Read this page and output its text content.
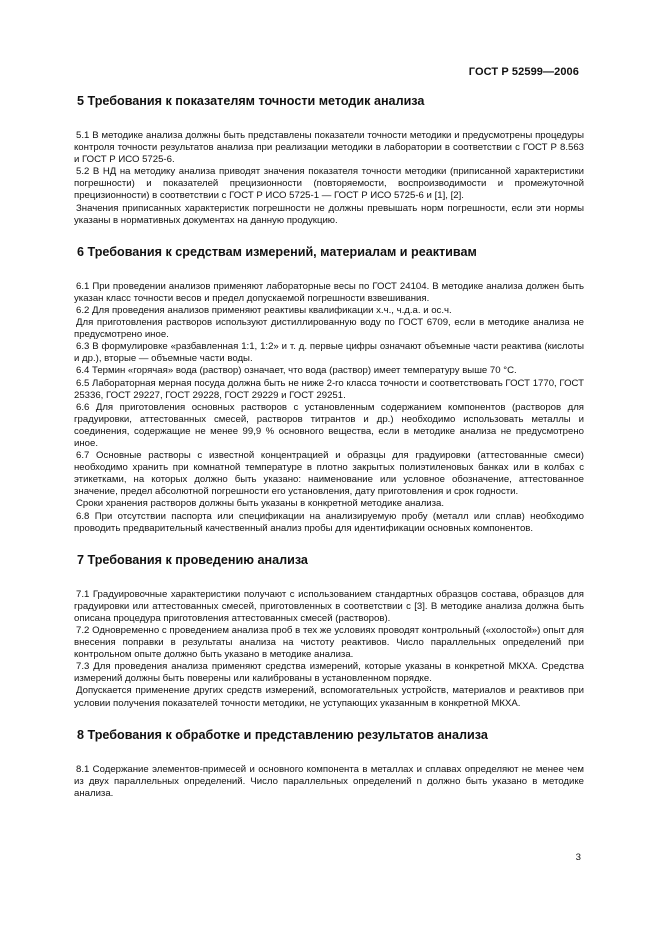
ГОСТ Р 52599—2006
5 Требования к показателям точности методик анализа

5.1 В методике анализа должны быть представлены показатели точности методики и предусмотрены процедуры контроля точности результатов анализа при реализации методики в лаборатории в соответствии с ГОСТ Р 8.563 и ГОСТ Р ИСО 5725-6.

5.2 В НД на методику анализа приводят значения показателя точности методики (приписанной характеристики погрешности) и показателей прецизионности (повторяемости, воспроизводимости и промежуточной прецизионности) в соответствии с ГОСТ Р ИСО 5725-1 — ГОСТ Р ИСО 5725-6 и [1], [2].

Значения приписанных характеристик погрешности не должны превышать норм погрешности, если эти нормы указаны в нормативных документах на данную продукцию.

6 Требования к средствам измерений, материалам и реактивам

6.1 При проведении анализов применяют лабораторные весы по ГОСТ 24104. В методике анализа должен быть указан класс точности весов и предел допускаемой погрешности взвешивания.

6.2 Для проведения анализов применяют реактивы квалификации х.ч., ч.д.а. и ос.ч.

Для приготовления растворов используют дистиллированную воду по ГОСТ 6709, если в методике анализа не предусмотрено иное.

6.3 В формулировке «разбавленная 1:1, 1:2» и т. д. первые цифры означают объемные части реактива (кислоты и др.), вторые — объемные части воды.

6.4 Термин «горячая» вода (раствор) означает, что вода (раствор) имеет температуру выше 70 °С.

6.5 Лабораторная мерная посуда должна быть не ниже 2-го класса точности и соответствовать ГОСТ 1770, ГОСТ 25336, ГОСТ 29227, ГОСТ 29228, ГОСТ 29229 и ГОСТ 29251.

6.6 Для приготовления основных растворов с установленным содержанием компонентов (растворов для градуировки, аттестованных смесей, растворов титрантов и др.) необходимо использовать металлы и соединения, содержащие не менее 99,9 % основного вещества, если в методике анализа не предусмотрено иное.

6.7 Основные растворы с известной концентрацией и образцы для градуировки (аттестованные смеси) необходимо хранить при комнатной температуре в плотно закрытых полиэтиленовых банках или в колбах с этикетками, на которых должно быть указано: наименование или условное обозначение, аттестованное значение, предел абсолютной погрешности его установления, дату приготовления и срок годности.

Сроки хранения растворов должны быть указаны в конкретной методике анализа.

6.8 При отсутствии паспорта или спецификации на анализируемую пробу (металл или сплав) необходимо проводить предварительный качественный анализ пробы для идентификации основных компонентов.

7 Требования к проведению анализа

7.1 Градуировочные характеристики получают с использованием стандартных образцов состава, образцов для градуировки или аттестованных смесей, приготовленных в соответствии с [3]. В методике анализа должна быть описана процедура приготовления аттестованных смесей (растворов).

7.2 Одновременно с проведением анализа проб в тех же условиях проводят контрольный («холостой») опыт для внесения поправки в результаты анализа на чистоту реактивов. Число параллельных определений при контрольном опыте должно быть указано в методике анализа.

7.3 Для проведения анализа применяют средства измерений, которые указаны в конкретной МКХА. Средства измерений должны быть поверены или калиброваны в установленном порядке.

Допускается применение других средств измерений, вспомогательных устройств, материалов и реактивов при условии получения показателей точности методики, не уступающих указанным в конкретной МКХА.

8 Требования к обработке и представлению результатов анализа

8.1 Содержание элементов-примесей и основного компонента в металлах и сплавах определяют не менее чем из двух параллельных определений. Число параллельных определений n должно быть указано в методике анализа.

3
